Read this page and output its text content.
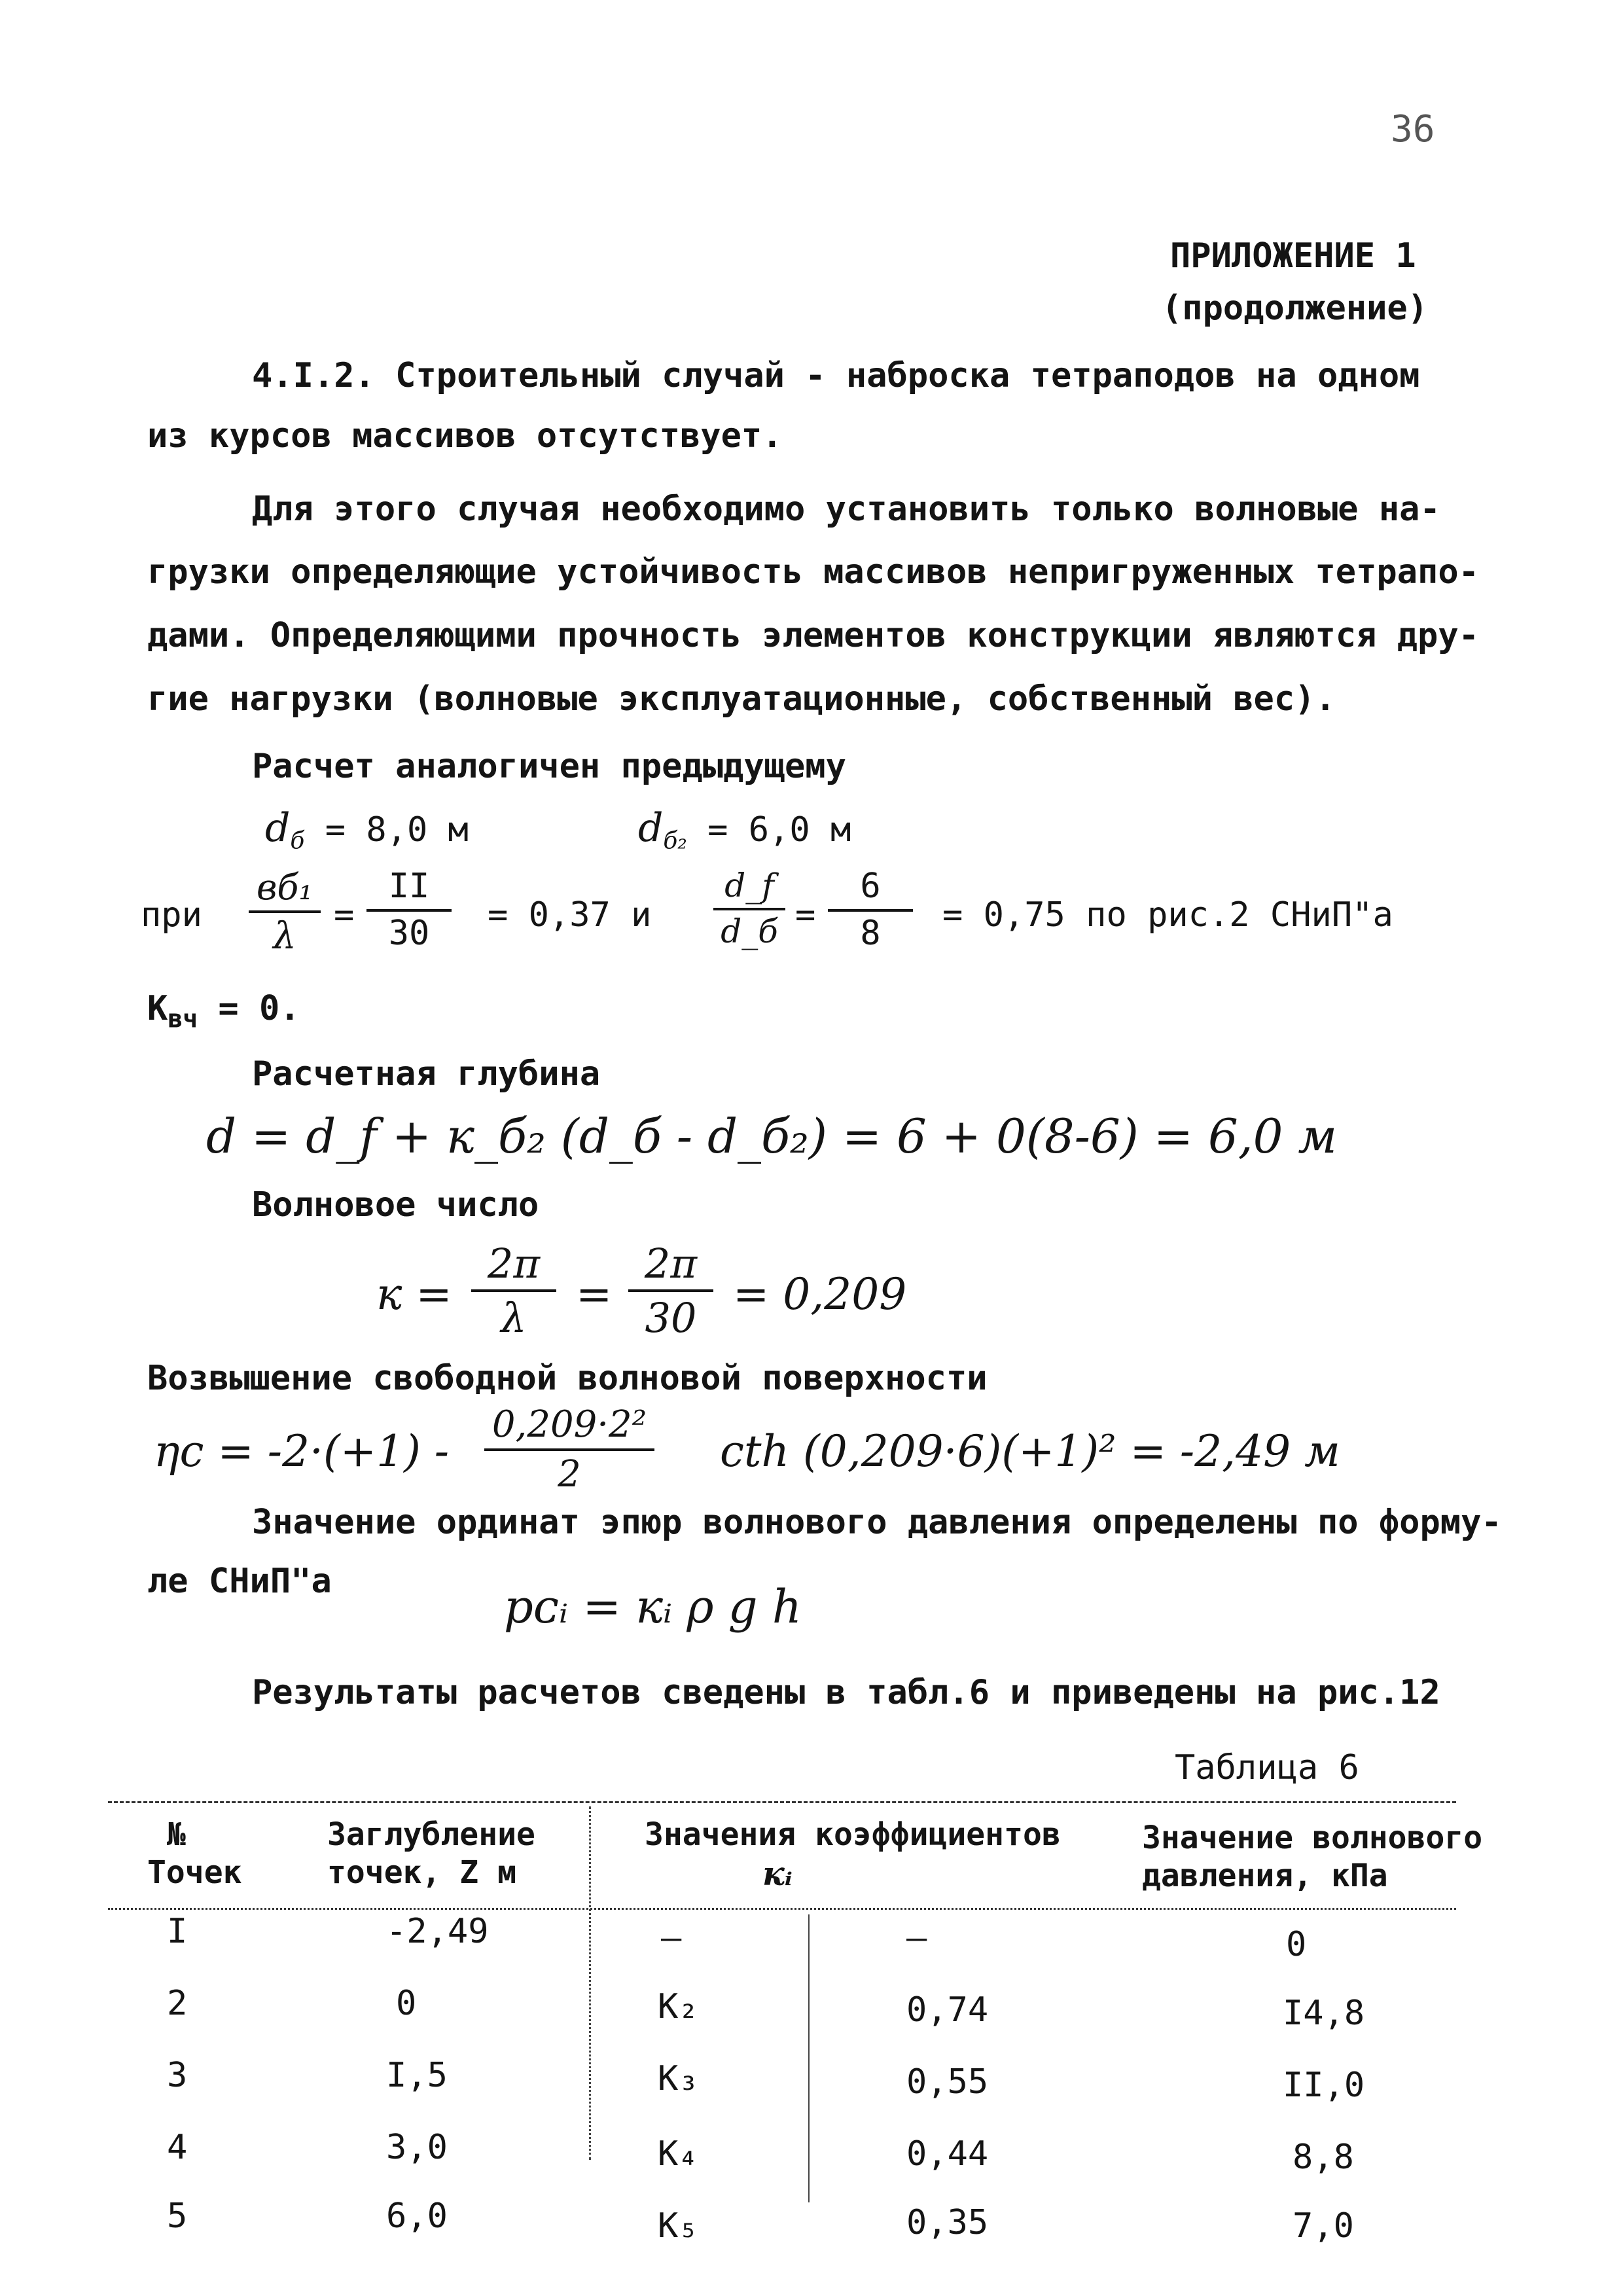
36
ПРИЛОЖЕНИЕ 1
(продолжение)
4.I.2. Строительный случай - наброска тетраподов на одном
из курсов массивов отсутствует.
Для этого случая необходимо установить только волновые на-
грузки определяющие устойчивость массивов непригруженных тетрапо-
дами. Определяющими прочность элементов конструкции являются дру-
гие нагрузки (волновые эксплуатационные, собственный вес).
Расчет аналогичен предыдущему
$d_б = 8,0$ м	$d_{б_2} = 6,0$ м
при
вб₁
λ
=
II
30	= 0,37 и
d_f
d_б =
6
8	= 0,75 по рис.2 СНиП"а
$К_{вч} = 0$.
Расчетная глубина
d = d_f + к_б₂ (d_б - d_б₂) = 6 + 0(8-6) = 6,0 м
Волновое число
к =
2π
λ	=
2π
30 = 0,209
Возвышение свободной волновой поверхности
ηс = -2·(+1) -
0,209·2²
2	cth (0,209·6)(+1)² = -2,49 м
Значение ординат эпюр волнового давления определены по форму-
ле СНиП"а	pᴄᵢ = кᵢ ρ g h
Результаты расчетов сведены в табл.6 и приведены на рис.12
Таблица 6
№
Точек
Заглубление
точек, Z м
Значения коэффициентов
кᵢ
Значение волнового
давления, кПа
I	-2,49	–	–	0
2	0	К₂	0,74	I4,8
3	I,5	К₃	0,55	II,0
4	3,0	К₄	0,44	8,8
5	6,0	К₅	0,35	7,0
